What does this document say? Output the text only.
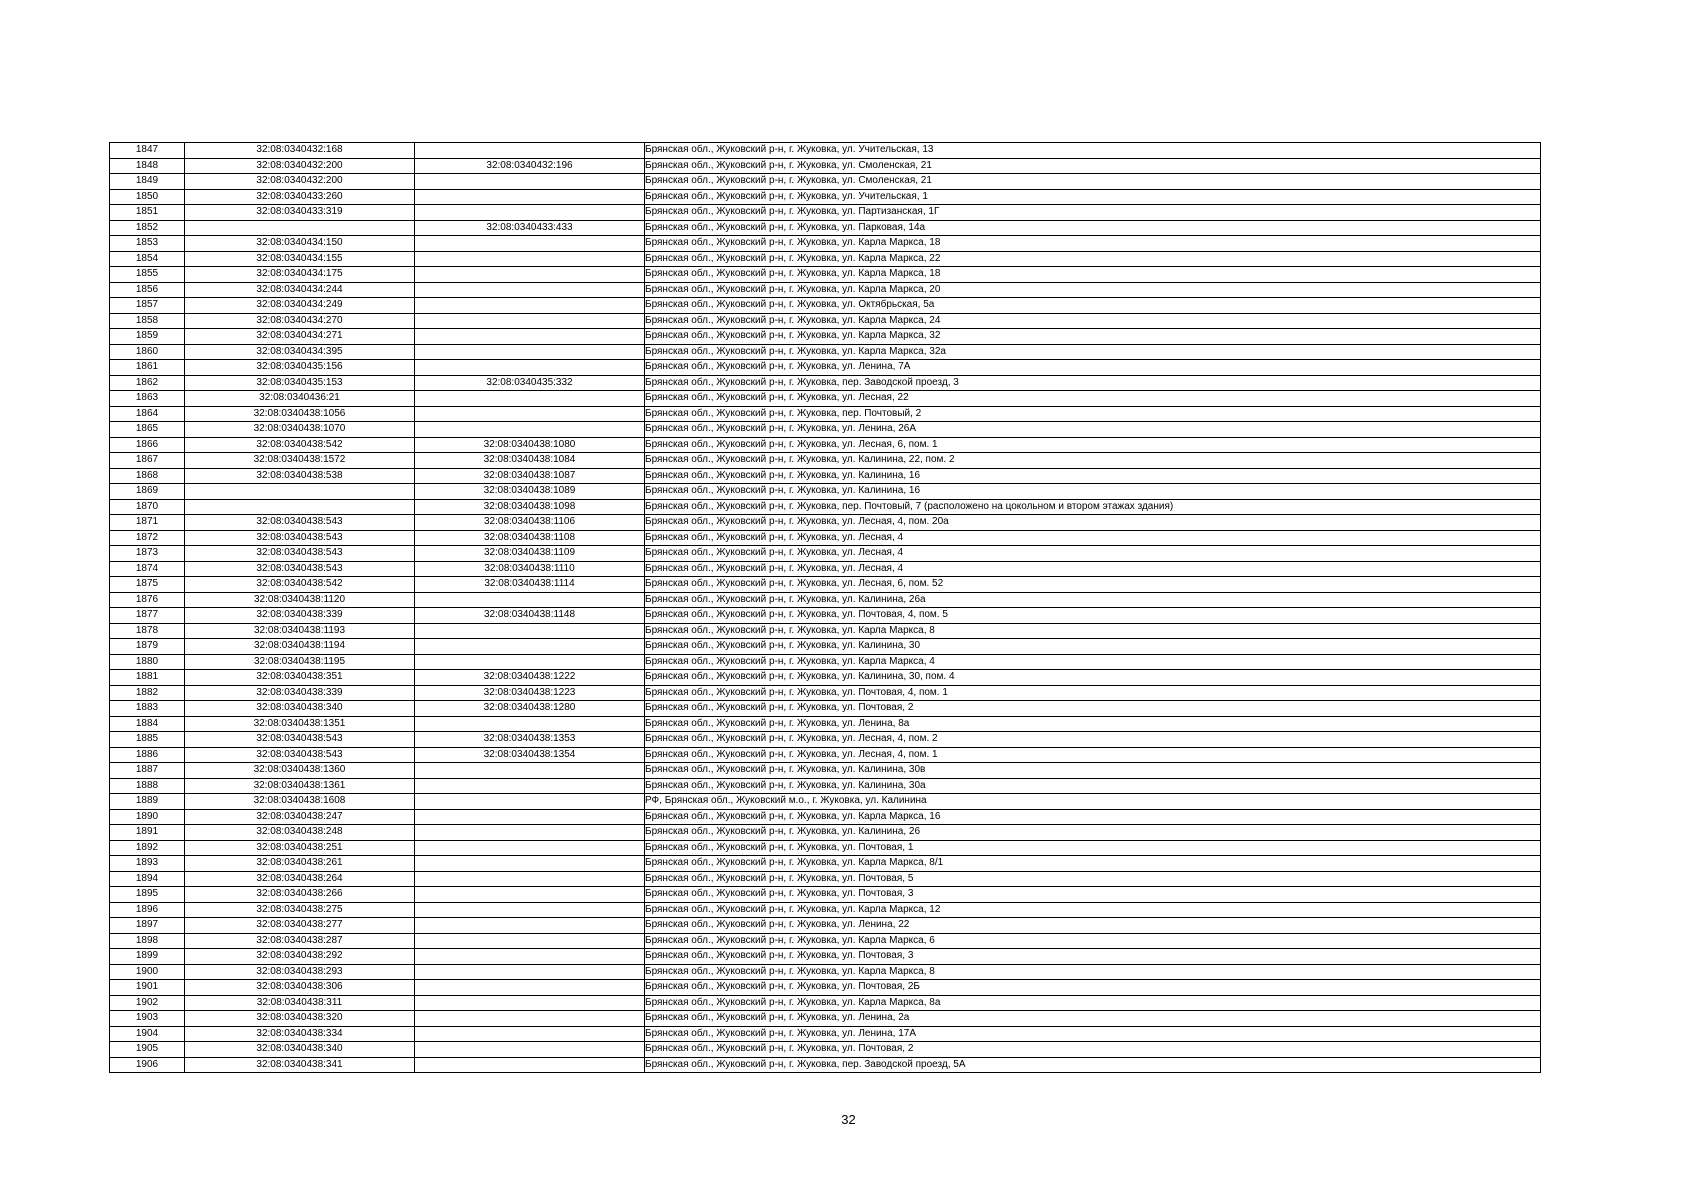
1847	32:08:0340432:168		Брянская обл., Жуковский р-н, г. Жуковка, ул. Учительская, 13
1848	32:08:0340432:200	32:08:0340432:196	Брянская обл., Жуковский р-н, г. Жуковка, ул. Смоленская, 21
1849	32:08:0340432:200		Брянская обл., Жуковский р-н, г. Жуковка, ул. Смоленская, 21
1850	32:08:0340433:260		Брянская обл., Жуковский р-н, г. Жуковка, ул. Учительская, 1
1851	32:08:0340433:319		Брянская обл., Жуковский р-н, г. Жуковка, ул. Партизанская, 1Г
1852		32:08:0340433:433	Брянская обл., Жуковский р-н, г. Жуковка, ул. Парковая, 14а
1853	32:08:0340434:150		Брянская обл., Жуковский р-н, г. Жуковка, ул. Карла Маркса, 18
1854	32:08:0340434:155		Брянская обл., Жуковский р-н, г. Жуковка, ул. Карла Маркса, 22
1855	32:08:0340434:175		Брянская обл., Жуковский р-н, г. Жуковка, ул. Карла Маркса, 18
1856	32:08:0340434:244		Брянская обл., Жуковский р-н, г. Жуковка, ул. Карла Маркса, 20
1857	32:08:0340434:249		Брянская обл., Жуковский р-н, г. Жуковка, ул. Октябрьская, 5а
1858	32:08:0340434:270		Брянская обл., Жуковский р-н, г. Жуковка, ул. Карла Маркса, 24
1859	32:08:0340434:271		Брянская обл., Жуковский р-н, г. Жуковка, ул. Карла Маркса, 32
1860	32:08:0340434:395		Брянская обл., Жуковский р-н, г. Жуковка, ул. Карла Маркса, 32а
1861	32:08:0340435:156		Брянская обл., Жуковский р-н, г. Жуковка, ул. Ленина, 7А
1862	32:08:0340435:153	32:08:0340435:332	Брянская обл., Жуковский р-н, г. Жуковка, пер. Заводской проезд, 3
1863	32:08:0340436:21		Брянская обл., Жуковский р-н, г. Жуковка, ул. Лесная, 22
1864	32:08:0340438:1056		Брянская обл., Жуковский р-н, г. Жуковка, пер. Почтовый, 2
1865	32:08:0340438:1070		Брянская обл., Жуковский р-н, г. Жуковка, ул. Ленина, 26А
1866	32:08:0340438:542	32:08:0340438:1080	Брянская обл., Жуковский р-н, г. Жуковка, ул. Лесная, 6, пом. 1
1867	32:08:0340438:1572	32:08:0340438:1084	Брянская обл., Жуковский р-н, г. Жуковка, ул. Калинина, 22, пом. 2
1868	32:08:0340438:538	32:08:0340438:1087	Брянская обл., Жуковский р-н, г. Жуковка, ул. Калинина, 16
1869		32:08:0340438:1089	Брянская обл., Жуковский р-н, г. Жуковка, ул. Калинина, 16
1870		32:08:0340438:1098	Брянская обл., Жуковский р-н, г. Жуковка, пер. Почтовый, 7 (расположено на цокольном и втором этажах здания)
1871	32:08:0340438:543	32:08:0340438:1106	Брянская обл., Жуковский р-н, г. Жуковка, ул. Лесная, 4, пом. 20а
1872	32:08:0340438:543	32:08:0340438:1108	Брянская обл., Жуковский р-н, г. Жуковка, ул. Лесная, 4
1873	32:08:0340438:543	32:08:0340438:1109	Брянская обл., Жуковский р-н, г. Жуковка, ул. Лесная, 4
1874	32:08:0340438:543	32:08:0340438:1110	Брянская обл., Жуковский р-н, г. Жуковка, ул. Лесная, 4
1875	32:08:0340438:542	32:08:0340438:1114	Брянская обл., Жуковский р-н, г. Жуковка, ул. Лесная, 6, пом. 52
1876	32:08:0340438:1120		Брянская обл., Жуковский р-н, г. Жуковка, ул. Калинина, 26а
1877	32:08:0340438:339	32:08:0340438:1148	Брянская обл., Жуковский р-н, г. Жуковка, ул. Почтовая, 4, пом. 5
1878	32:08:0340438:1193		Брянская обл., Жуковский р-н, г. Жуковка, ул. Карла Маркса, 8
1879	32:08:0340438:1194		Брянская обл., Жуковский р-н, г. Жуковка, ул. Калинина, 30
1880	32:08:0340438:1195		Брянская обл., Жуковский р-н, г. Жуковка, ул. Карла Маркса, 4
1881	32:08:0340438:351	32:08:0340438:1222	Брянская обл., Жуковский р-н, г. Жуковка, ул. Калинина, 30, пом. 4
1882	32:08:0340438:339	32:08:0340438:1223	Брянская обл., Жуковский р-н, г. Жуковка, ул. Почтовая, 4, пом. 1
1883	32:08:0340438:340	32:08:0340438:1280	Брянская обл., Жуковский р-н, г. Жуковка, ул. Почтовая, 2
1884	32:08:0340438:1351		Брянская обл., Жуковский р-н, г. Жуковка, ул. Ленина, 8а
1885	32:08:0340438:543	32:08:0340438:1353	Брянская обл., Жуковский р-н, г. Жуковка, ул. Лесная, 4, пом. 2
1886	32:08:0340438:543	32:08:0340438:1354	Брянская обл., Жуковский р-н, г. Жуковка, ул. Лесная, 4, пом. 1
1887	32:08:0340438:1360		Брянская обл., Жуковский р-н, г. Жуковка, ул. Калинина, 30в
1888	32:08:0340438:1361		Брянская обл., Жуковский р-н, г. Жуковка, ул. Калинина, 30а
1889	32:08:0340438:1608		РФ, Брянская обл., Жуковский м.о., г. Жуковка, ул. Калинина
1890	32:08:0340438:247		Брянская обл., Жуковский р-н, г. Жуковка, ул. Карла Маркса, 16
1891	32:08:0340438:248		Брянская обл., Жуковский р-н, г. Жуковка, ул. Калинина, 26
1892	32:08:0340438:251		Брянская обл., Жуковский р-н, г. Жуковка, ул. Почтовая, 1
1893	32:08:0340438:261		Брянская обл., Жуковский р-н, г. Жуковка, ул. Карла Маркса, 8/1
1894	32:08:0340438:264		Брянская обл., Жуковский р-н, г. Жуковка, ул. Почтовая, 5
1895	32:08:0340438:266		Брянская обл., Жуковский р-н, г. Жуковка, ул. Почтовая, 3
1896	32:08:0340438:275		Брянская обл., Жуковский р-н, г. Жуковка, ул. Карла Маркса, 12
1897	32:08:0340438:277		Брянская обл., Жуковский р-н, г. Жуковка, ул. Ленина, 22
1898	32:08:0340438:287		Брянская обл., Жуковский р-н, г. Жуковка, ул. Карла Маркса, 6
1899	32:08:0340438:292		Брянская обл., Жуковский р-н, г. Жуковка, ул. Почтовая, 3
1900	32:08:0340438:293		Брянская обл., Жуковский р-н, г. Жуковка, ул. Карла Маркса, 8
1901	32:08:0340438:306		Брянская обл., Жуковский р-н, г. Жуковка, ул. Почтовая, 2Б
1902	32:08:0340438:311		Брянская обл., Жуковский р-н, г. Жуковка, ул. Карла Маркса, 8а
1903	32:08:0340438:320		Брянская обл., Жуковский р-н, г. Жуковка, ул. Ленина, 2а
1904	32:08:0340438:334		Брянская обл., Жуковский р-н, г. Жуковка, ул. Ленина, 17А
1905	32:08:0340438:340		Брянская обл., Жуковский р-н, г. Жуковка, ул. Почтовая, 2
1906	32:08:0340438:341		Брянская обл., Жуковский р-н, г. Жуковка, пер. Заводской проезд, 5А
32
